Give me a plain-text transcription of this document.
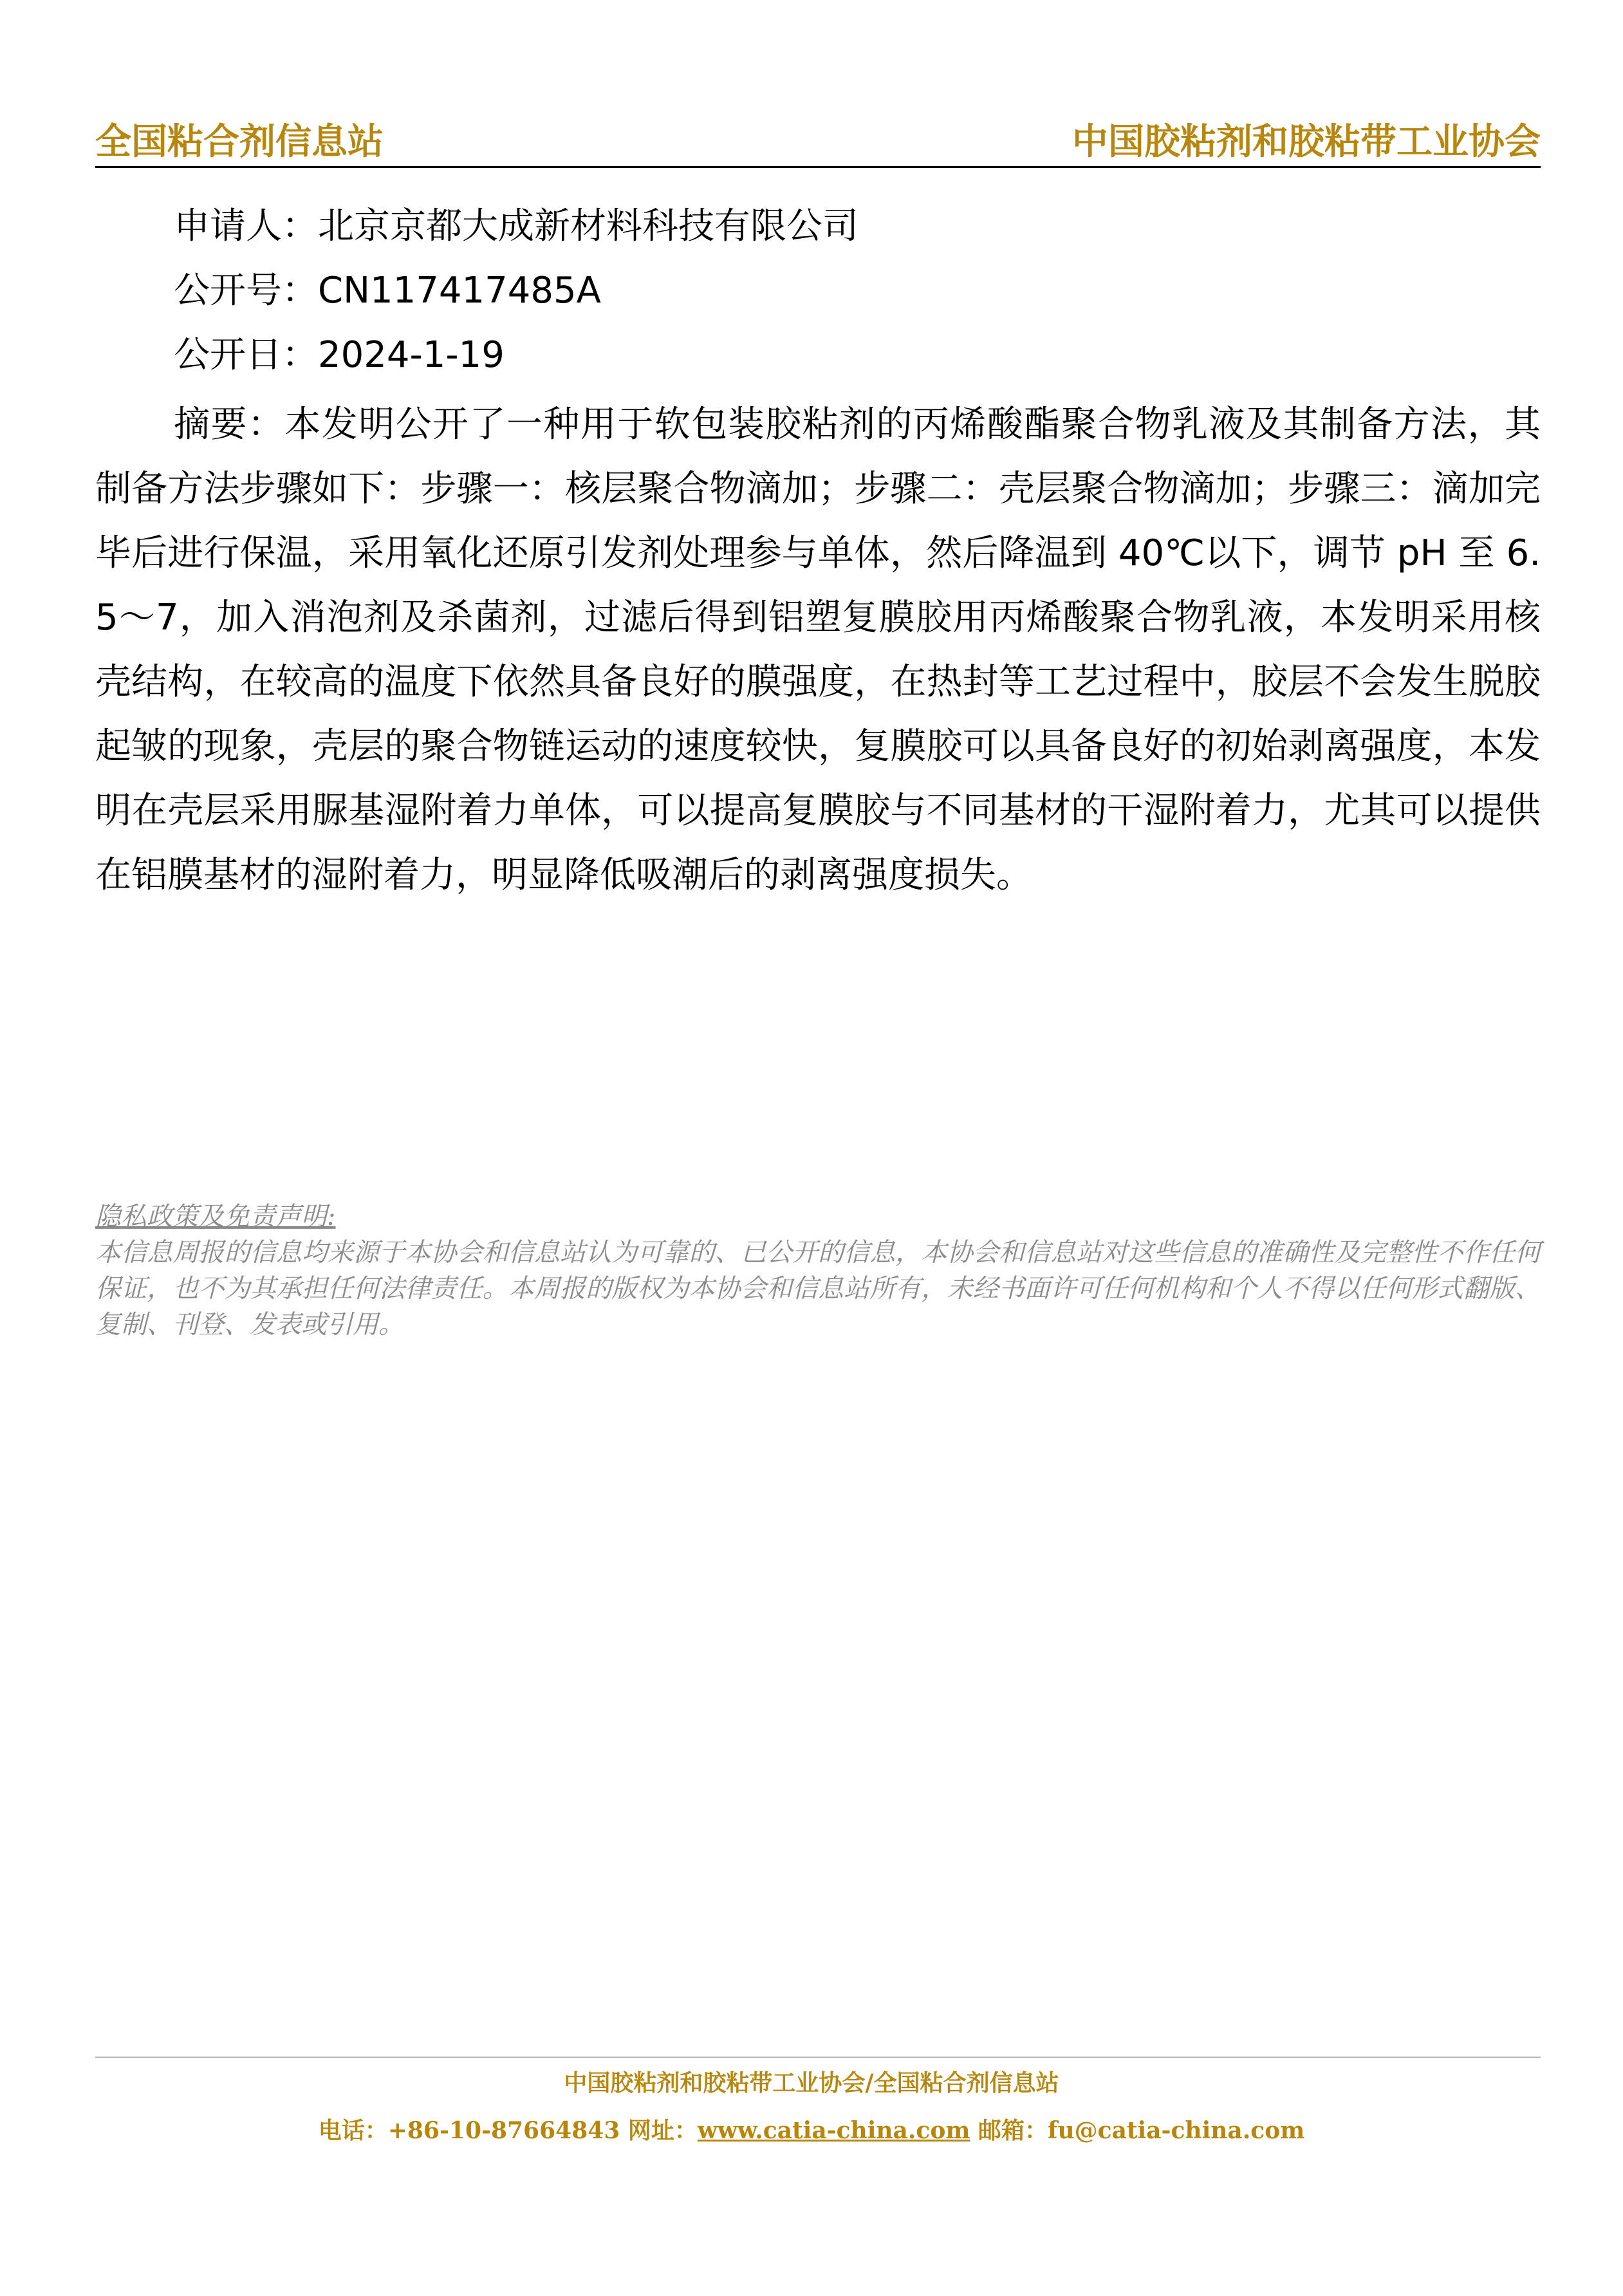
全国粘合剂信息站	中国胶粘剂和胶粘带工业协会
申请人：北京京都大成新材料科技有限公司
公开号：CN117417485A
公开日：2024-1-19
摘要：本发明公开了一种用于软包装胶粘剂的丙烯酸酯聚合物乳液及其制备方法，其制备方法步骤如下：步骤一：核层聚合物滴加；步骤二：壳层聚合物滴加；步骤三：滴加完毕后进行保温，采用氧化还原引发剂处理参与单体，然后降温到 40℃以下，调节 pH 至 6.5～7，加入消泡剂及杀菌剂，过滤后得到铝塑复膜胶用丙烯酸聚合物乳液，本发明采用核壳结构，在较高的温度下依然具备良好的膜强度，在热封等工艺过程中，胶层不会发生脱胶起皱的现象，壳层的聚合物链运动的速度较快，复膜胶可以具备良好的初始剥离强度，本发明在壳层采用脲基湿附着力单体，可以提高复膜胶与不同基材的干湿附着力，尤其可以提供在铝膜基材的湿附着力，明显降低吸潮后的剥离强度损失。
隐私政策及免责声明:
本信息周报的信息均来源于本协会和信息站认为可靠的、已公开的信息，本协会和信息站对这些信息的准确性及完整性不作任何保证，也不为其承担任何法律责任。本周报的版权为本协会和信息站所有，未经书面许可任何机构和个人不得以任何形式翻版、复制、刊登、发表或引用。
中国胶粘剂和胶粘带工业协会/全国粘合剂信息站
电话：+86-10-87664843 网址：www.catia-china.com 邮箱：fu@catia-china.com
